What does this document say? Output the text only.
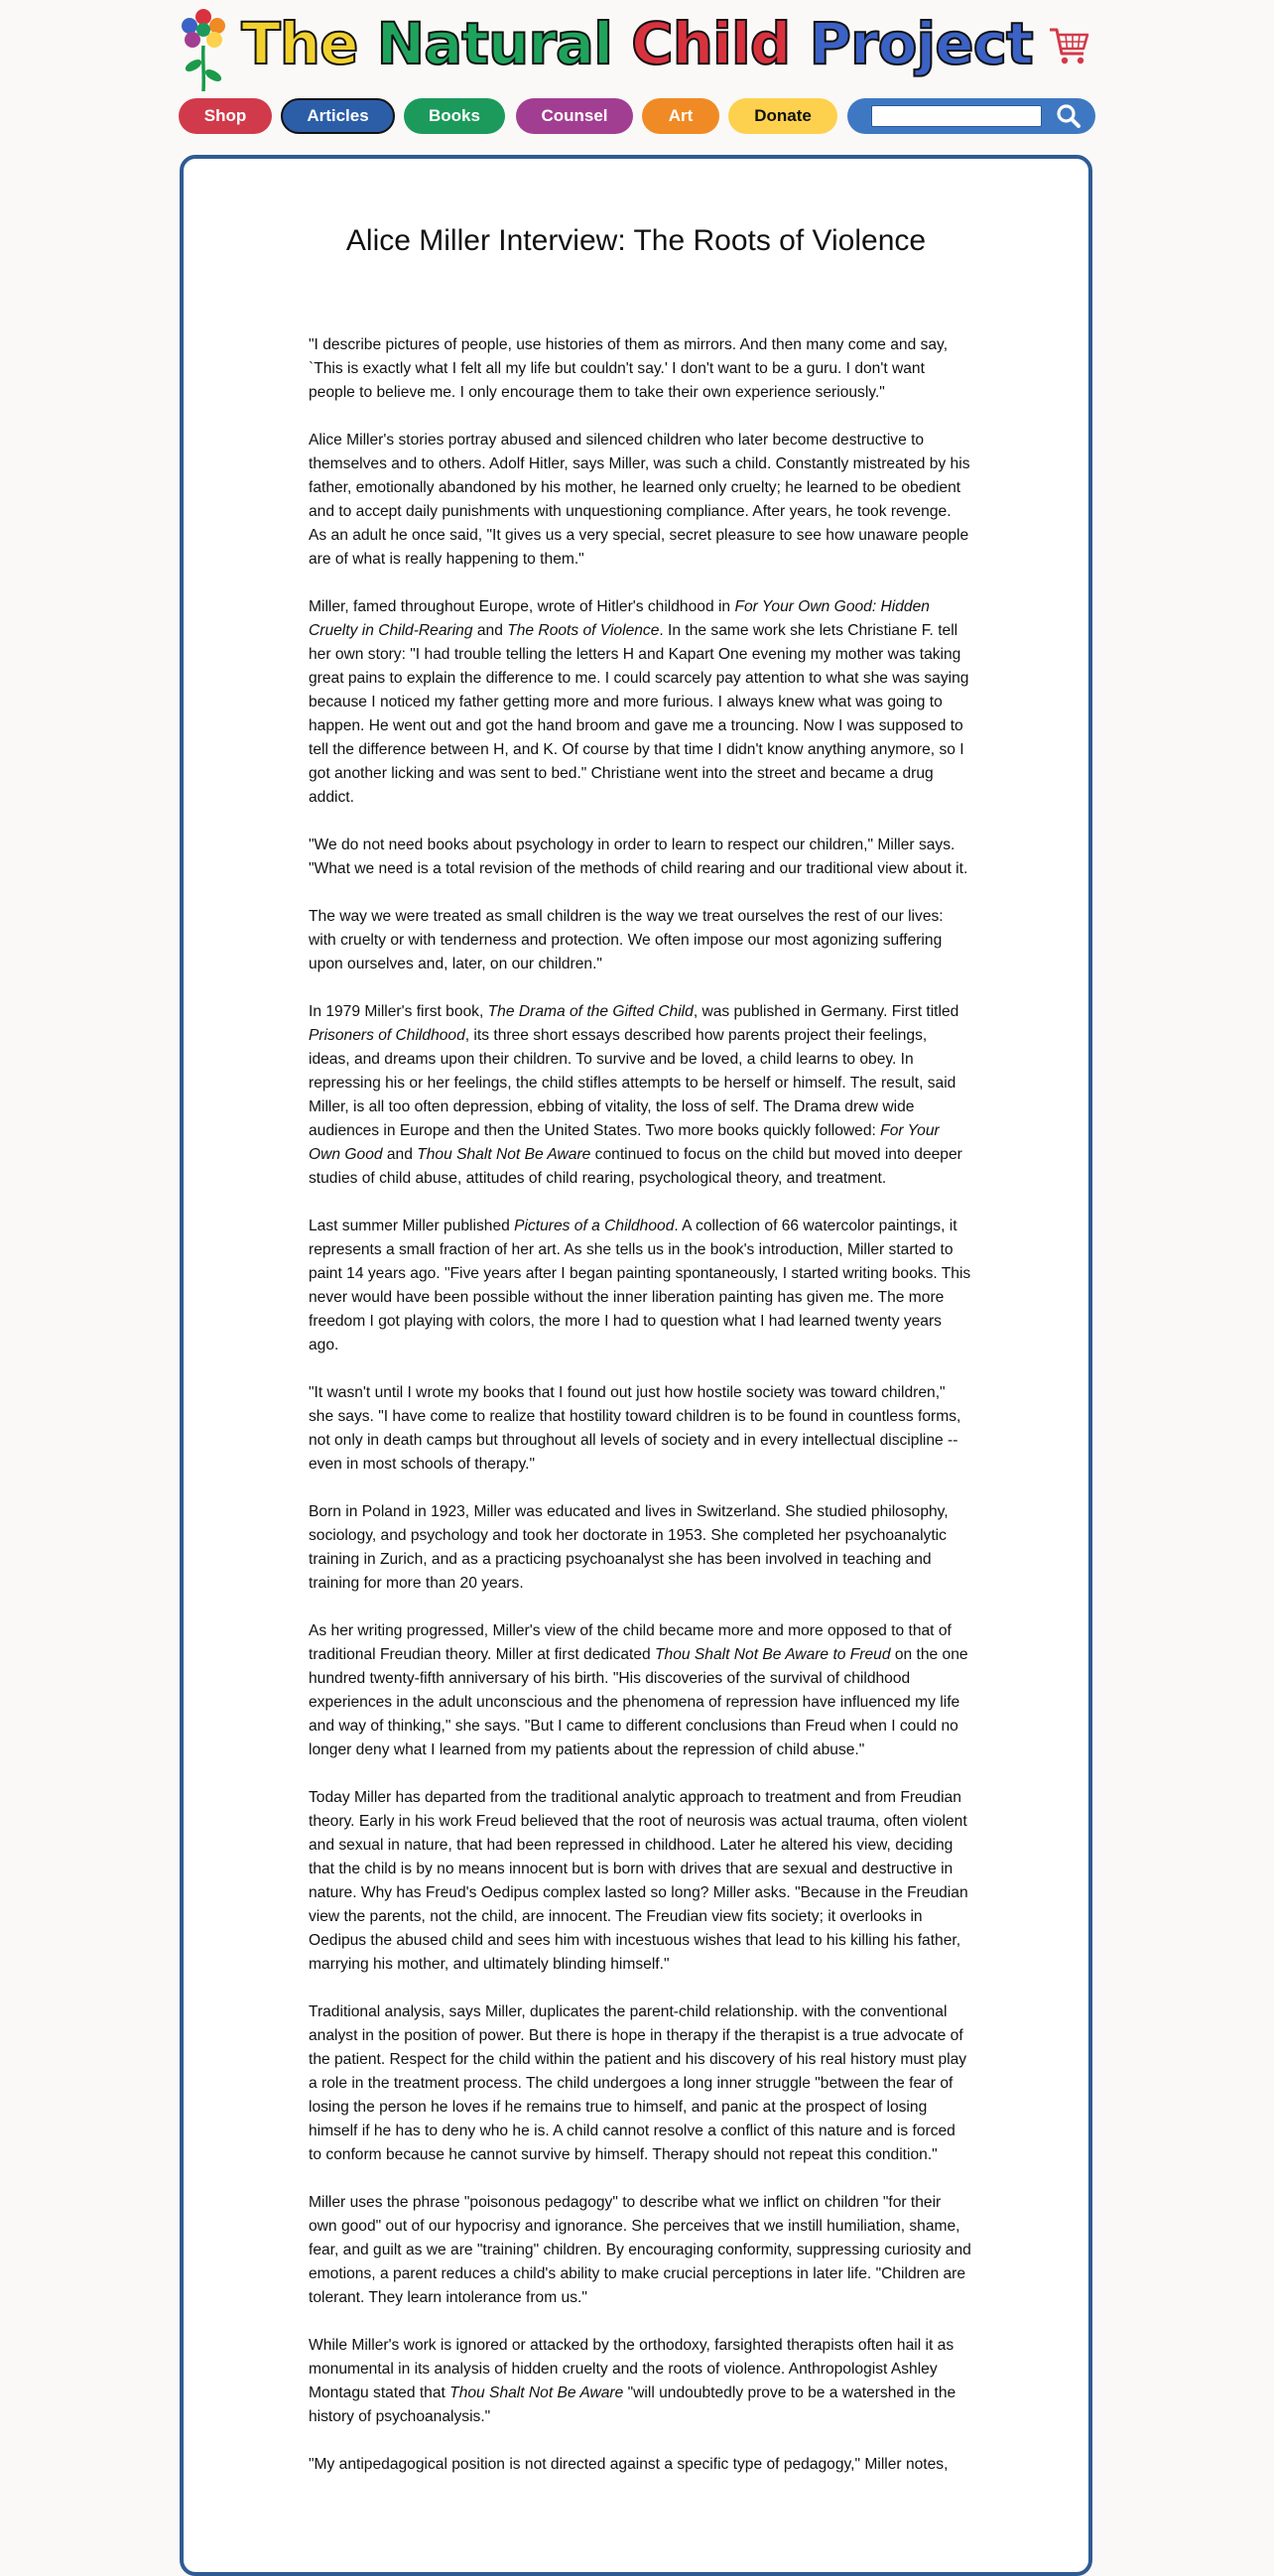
The Natural Child Project
Shop	Articles	Books	Counsel	Art	Donate
Alice Miller Interview: The Roots of Violence

"I describe pictures of people, use histories of them as mirrors. And then many come and say, `This is exactly what I felt all my life but couldn't say.' I don't want to be a guru. I don't want people to believe me. I only encourage them to take their own experience seriously."

Alice Miller's stories portray abused and silenced children who later become destructive to themselves and to others. Adolf Hitler, says Miller, was such a child. Constantly mistreated by his father, emotionally abandoned by his mother, he learned only cruelty; he learned to be obedient and to accept daily punishments with unquestioning compliance. After years, he took revenge. As an adult he once said, "It gives us a very special, secret pleasure to see how unaware people are of what is really happening to them."

Miller, famed throughout Europe, wrote of Hitler's childhood in For Your Own Good: Hidden Cruelty in Child-Rearing and The Roots of Violence. In the same work she lets Christiane F. tell her own story: "I had trouble telling the letters H and Kapart One evening my mother was taking great pains to explain the difference to me. I could scarcely pay attention to what she was saying because I noticed my father getting more and more furious. I always knew what was going to happen. He went out and got the hand broom and gave me a trouncing. Now I was supposed to tell the difference between H, and K. Of course by that time I didn't know anything anymore, so I got another licking and was sent to bed." Christiane went into the street and became a drug addict.

"We do not need books about psychology in order to learn to respect our children," Miller says. "What we need is a total revision of the methods of child rearing and our traditional view about it.

The way we were treated as small children is the way we treat ourselves the rest of our lives: with cruelty or with tenderness and protection. We often impose our most agonizing suffering upon ourselves and, later, on our children."

In 1979 Miller's first book, The Drama of the Gifted Child, was published in Germany. First titled Prisoners of Childhood, its three short essays described how parents project their feelings, ideas, and dreams upon their children. To survive and be loved, a child learns to obey. In repressing his or her feelings, the child stifles attempts to be herself or himself. The result, said Miller, is all too often depression, ebbing of vitality, the loss of self. The Drama drew wide audiences in Europe and then the United States. Two more books quickly followed: For Your Own Good and Thou Shalt Not Be Aware continued to focus on the child but moved into deeper studies of child abuse, attitudes of child rearing, psychological theory, and treatment.

Last summer Miller published Pictures of a Childhood. A collection of 66 watercolor paintings, it represents a small fraction of her art. As she tells us in the book's introduction, Miller started to paint 14 years ago. "Five years after I began painting spontaneously, I started writing books. This never would have been possible without the inner liberation painting has given me. The more freedom I got playing with colors, the more I had to question what I had learned twenty years ago.

"It wasn't until I wrote my books that I found out just how hostile society was toward children," she says. "I have come to realize that hostility toward children is to be found in countless forms, not only in death camps but throughout all levels of society and in every intellectual discipline -- even in most schools of therapy."

Born in Poland in 1923, Miller was educated and lives in Switzerland. She studied philosophy, sociology, and psychology and took her doctorate in 1953. She completed her psychoanalytic training in Zurich, and as a practicing psychoanalyst she has been involved in teaching and training for more than 20 years.

As her writing progressed, Miller's view of the child became more and more opposed to that of traditional Freudian theory. Miller at first dedicated Thou Shalt Not Be Aware to Freud on the one hundred twenty-fifth anniversary of his birth. "His discoveries of the survival of childhood experiences in the adult unconscious and the phenomena of repression have influenced my life and way of thinking," she says. "But I came to different conclusions than Freud when I could no longer deny what I learned from my patients about the repression of child abuse."

Today Miller has departed from the traditional analytic approach to treatment and from Freudian theory. Early in his work Freud believed that the root of neurosis was actual trauma, often violent and sexual in nature, that had been repressed in childhood. Later he altered his view, deciding that the child is by no means innocent but is born with drives that are sexual and destructive in nature. Why has Freud's Oedipus complex lasted so long? Miller asks. "Because in the Freudian view the parents, not the child, are innocent. The Freudian view fits society; it overlooks in Oedipus the abused child and sees him with incestuous wishes that lead to his killing his father, marrying his mother, and ultimately blinding himself."

Traditional analysis, says Miller, duplicates the parent-child relationship. with the conventional analyst in the position of power. But there is hope in therapy if the therapist is a true advocate of the patient. Respect for the child within the patient and his discovery of his real history must play a role in the treatment process. The child undergoes a long inner struggle "between the fear of losing the person he loves if he remains true to himself, and panic at the prospect of losing himself if he has to deny who he is. A child cannot resolve a conflict of this nature and is forced to conform because he cannot survive by himself. Therapy should not repeat this condition."

Miller uses the phrase "poisonous pedagogy" to describe what we inflict on children "for their own good" out of our hypocrisy and ignorance. She perceives that we instill humiliation, shame, fear, and guilt as we are "training" children. By encouraging conformity, suppressing curiosity and emotions, a parent reduces a child's ability to make crucial perceptions in later life. "Children are tolerant. They learn intolerance from us."

While Miller's work is ignored or attacked by the orthodoxy, farsighted therapists often hail it as monumental in its analysis of hidden cruelty and the roots of violence. Anthropologist Ashley Montagu stated that Thou Shalt Not Be Aware "will undoubtedly prove to be a watershed in the history of psychoanalysis."

"My antipedagogical position is not directed against a specific type of pedagogy," Miller notes,
